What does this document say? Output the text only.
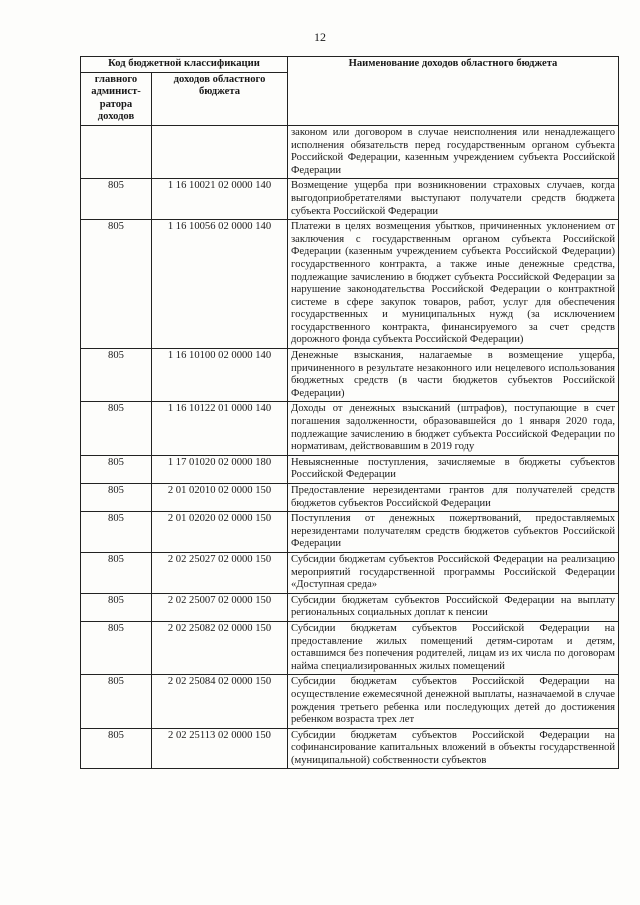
12
Код бюджетной классификации		Наименование доходов областного бюджета
главного админист-ратора доходов	доходов областного бюджета	
		законом или договором в случае неисполнения или ненадлежащего исполнения обязательств перед государственным органом субъекта Российской Федерации, казенным учреждением субъекта Российской Федерации
805	1 16 10021 02 0000 140	Возмещение ущерба при возникновении страховых случаев, когда выгодоприобретателями выступают получатели средств бюджета субъекта Российской Федерации
805	1 16 10056 02 0000 140	Платежи в целях возмещения убытков, причиненных уклонением от заключения с государственным органом субъекта Российской Федерации (казенным учреждением субъекта Российской Федерации) государственного контракта, а также иные денежные средства, подлежащие зачислению в бюджет субъекта Российской Федерации за нарушение законодательства Российской Федерации о контрактной системе в сфере закупок товаров, работ, услуг для обеспечения государственных и муниципальных нужд (за исключением государственного контракта, финансируемого за счет средств дорожного фонда субъекта Российской Федерации)
805	1 16 10100 02 0000 140	Денежные взыскания, налагаемые в возмещение ущерба, причиненного в результате незаконного или нецелевого использования бюджетных средств (в части бюджетов субъектов Российской Федерации)
805	1 16 10122 01 0000 140	Доходы от денежных взысканий (штрафов), поступающие в счет погашения задолженности, образовавшейся до 1 января 2020 года, подлежащие зачислению в бюджет субъекта Российской Федерации по нормативам, действовавшим в 2019 году
805	1 17 01020 02 0000 180	Невыясненные поступления, зачисляемые в бюджеты субъектов Российской Федерации
805	2 01 02010 02 0000 150	Предоставление нерезидентами грантов для получателей средств бюджетов субъектов Российской Федерации
805	2 01 02020 02 0000 150	Поступления от денежных пожертвований, предоставляемых нерезидентами получателям средств бюджетов субъектов Российской Федерации
805	2 02 25027 02 0000 150	Субсидии бюджетам субъектов Российской Федерации на реализацию мероприятий государственной программы Российской Федерации «Доступная среда»
805	2 02 25007 02 0000 150	Субсидии бюджетам субъектов Российской Федерации на выплату региональных социальных доплат к пенсии
805	2 02 25082 02 0000 150	Субсидии бюджетам субъектов Российской Федерации на предоставление жилых помещений детям-сиротам и детям, оставшимся без попечения родителей, лицам из их числа по договорам найма специализированных жилых помещений
805	2 02 25084 02 0000 150	Субсидии бюджетам субъектов Российской Федерации на осуществление ежемесячной денежной выплаты, назначаемой в случае рождения третьего ребенка или последующих детей до достижения ребенком возраста трех лет
805	2 02 25113 02 0000 150	Субсидии бюджетам субъектов Российской Федерации на софинансирование капитальных вложений в объекты государственной (муниципальной) собственности субъектов
